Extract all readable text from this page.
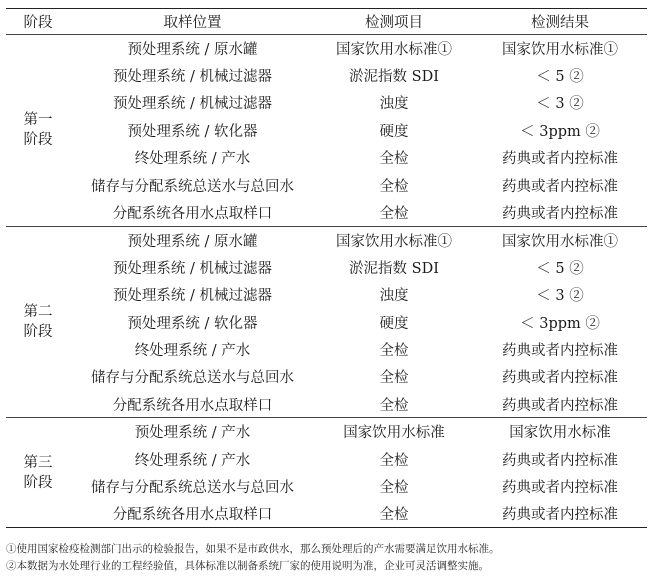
阶段	取样位置	检测项目	检测结果

第一
阶段	预处理系统 / 原水罐	国家饮用水标准①	国家饮用水标准①
	预处理系统 / 机械过滤器	淤泥指数 SDI	＜ 5 ②
	预处理系统 / 机械过滤器	浊度	＜ 3 ②
	预处理系统 / 软化器	硬度	＜ 3ppm ②
	终处理系统 / 产水	全检	药典或者内控标准
	储存与分配系统总送水与总回水	全检	药典或者内控标准
	分配系统各用水点取样口	全检	药典或者内控标准

第二
阶段	预处理系统 / 原水罐	国家饮用水标准①	国家饮用水标准①
	预处理系统 / 机械过滤器	淤泥指数 SDI	＜ 5 ②
	预处理系统 / 机械过滤器	浊度	＜ 3 ②
	预处理系统 / 软化器	硬度	＜ 3ppm ②
	终处理系统 / 产水	全检	药典或者内控标准
	储存与分配系统总送水与总回水	全检	药典或者内控标准
	分配系统各用水点取样口	全检	药典或者内控标准

第三
阶段	预处理系统 / 产水	国家饮用水标准	国家饮用水标准
	终处理系统 / 产水	全检	药典或者内控标准
	储存与分配系统总送水与总回水	全检	药典或者内控标准
	分配系统各用水点取样口	全检	药典或者内控标准
①使用国家检疫检测部门出示的检验报告，如果不是市政供水，那么预处理后的产水需要满足饮用水标准。
②本数据为水处理行业的工程经验值，具体标准以制备系统厂家的使用说明为准，企业可灵活调整实施。
